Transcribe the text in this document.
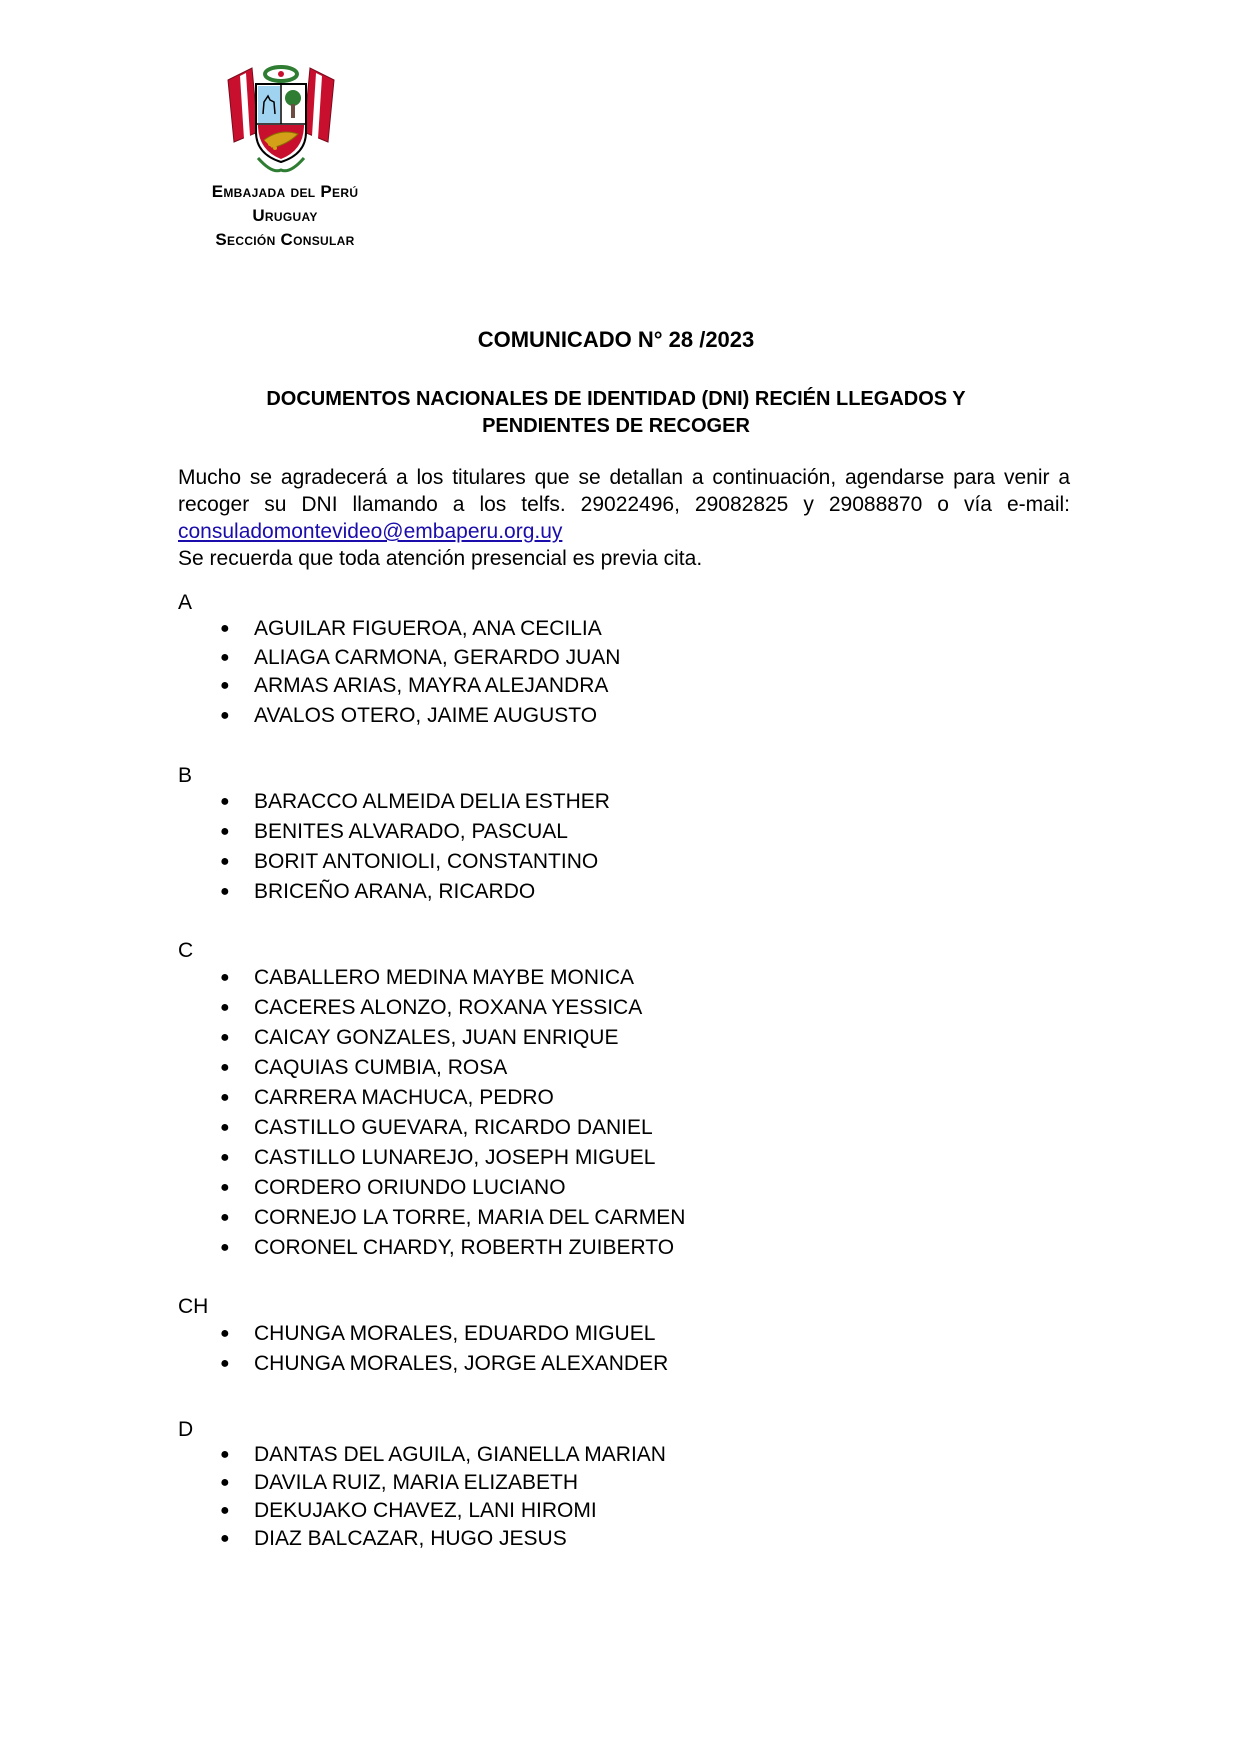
Embajada del Perú
Uruguay
Sección Consular
COMUNICADO N° 28 /2023
DOCUMENTOS NACIONALES DE IDENTIDAD (DNI) RECIÉN LLEGADOS Y
PENDIENTES DE RECOGER

Mucho se agradecerá a los titulares que se detallan a continuación, agendarse para venir a recoger su DNI llamando a los telfs. 29022496, 29082825 y 29088870 o vía e-mail: consuladomontevideo@embaperu.org.uy

Se recuerda que toda atención presencial es previa cita.

A
● AGUILAR FIGUEROA, ANA CECILIA
● ALIAGA CARMONA, GERARDO JUAN
● ARMAS ARIAS, MAYRA ALEJANDRA
● AVALOS OTERO, JAIME AUGUSTO
B
● BARACCO ALMEIDA DELIA ESTHER
● BENITES ALVARADO, PASCUAL
● BORIT ANTONIOLI, CONSTANTINO
● BRICEÑO ARANA, RICARDO
C
● CABALLERO MEDINA MAYBE MONICA
● CACERES ALONZO, ROXANA YESSICA
● CAICAY GONZALES, JUAN ENRIQUE
● CAQUIAS CUMBIA, ROSA
● CARRERA MACHUCA, PEDRO
● CASTILLO GUEVARA, RICARDO DANIEL
● CASTILLO LUNAREJO, JOSEPH MIGUEL
● CORDERO ORIUNDO LUCIANO
● CORNEJO LA TORRE, MARIA DEL CARMEN
● CORONEL CHARDY, ROBERTH ZUIBERTO
CH
● CHUNGA MORALES, EDUARDO MIGUEL
● CHUNGA MORALES, JORGE ALEXANDER
D
● DANTAS DEL AGUILA, GIANELLA MARIAN
● DAVILA RUIZ, MARIA ELIZABETH
● DEKUJAKO CHAVEZ, LANI HIROMI
● DIAZ BALCAZAR, HUGO JESUS
